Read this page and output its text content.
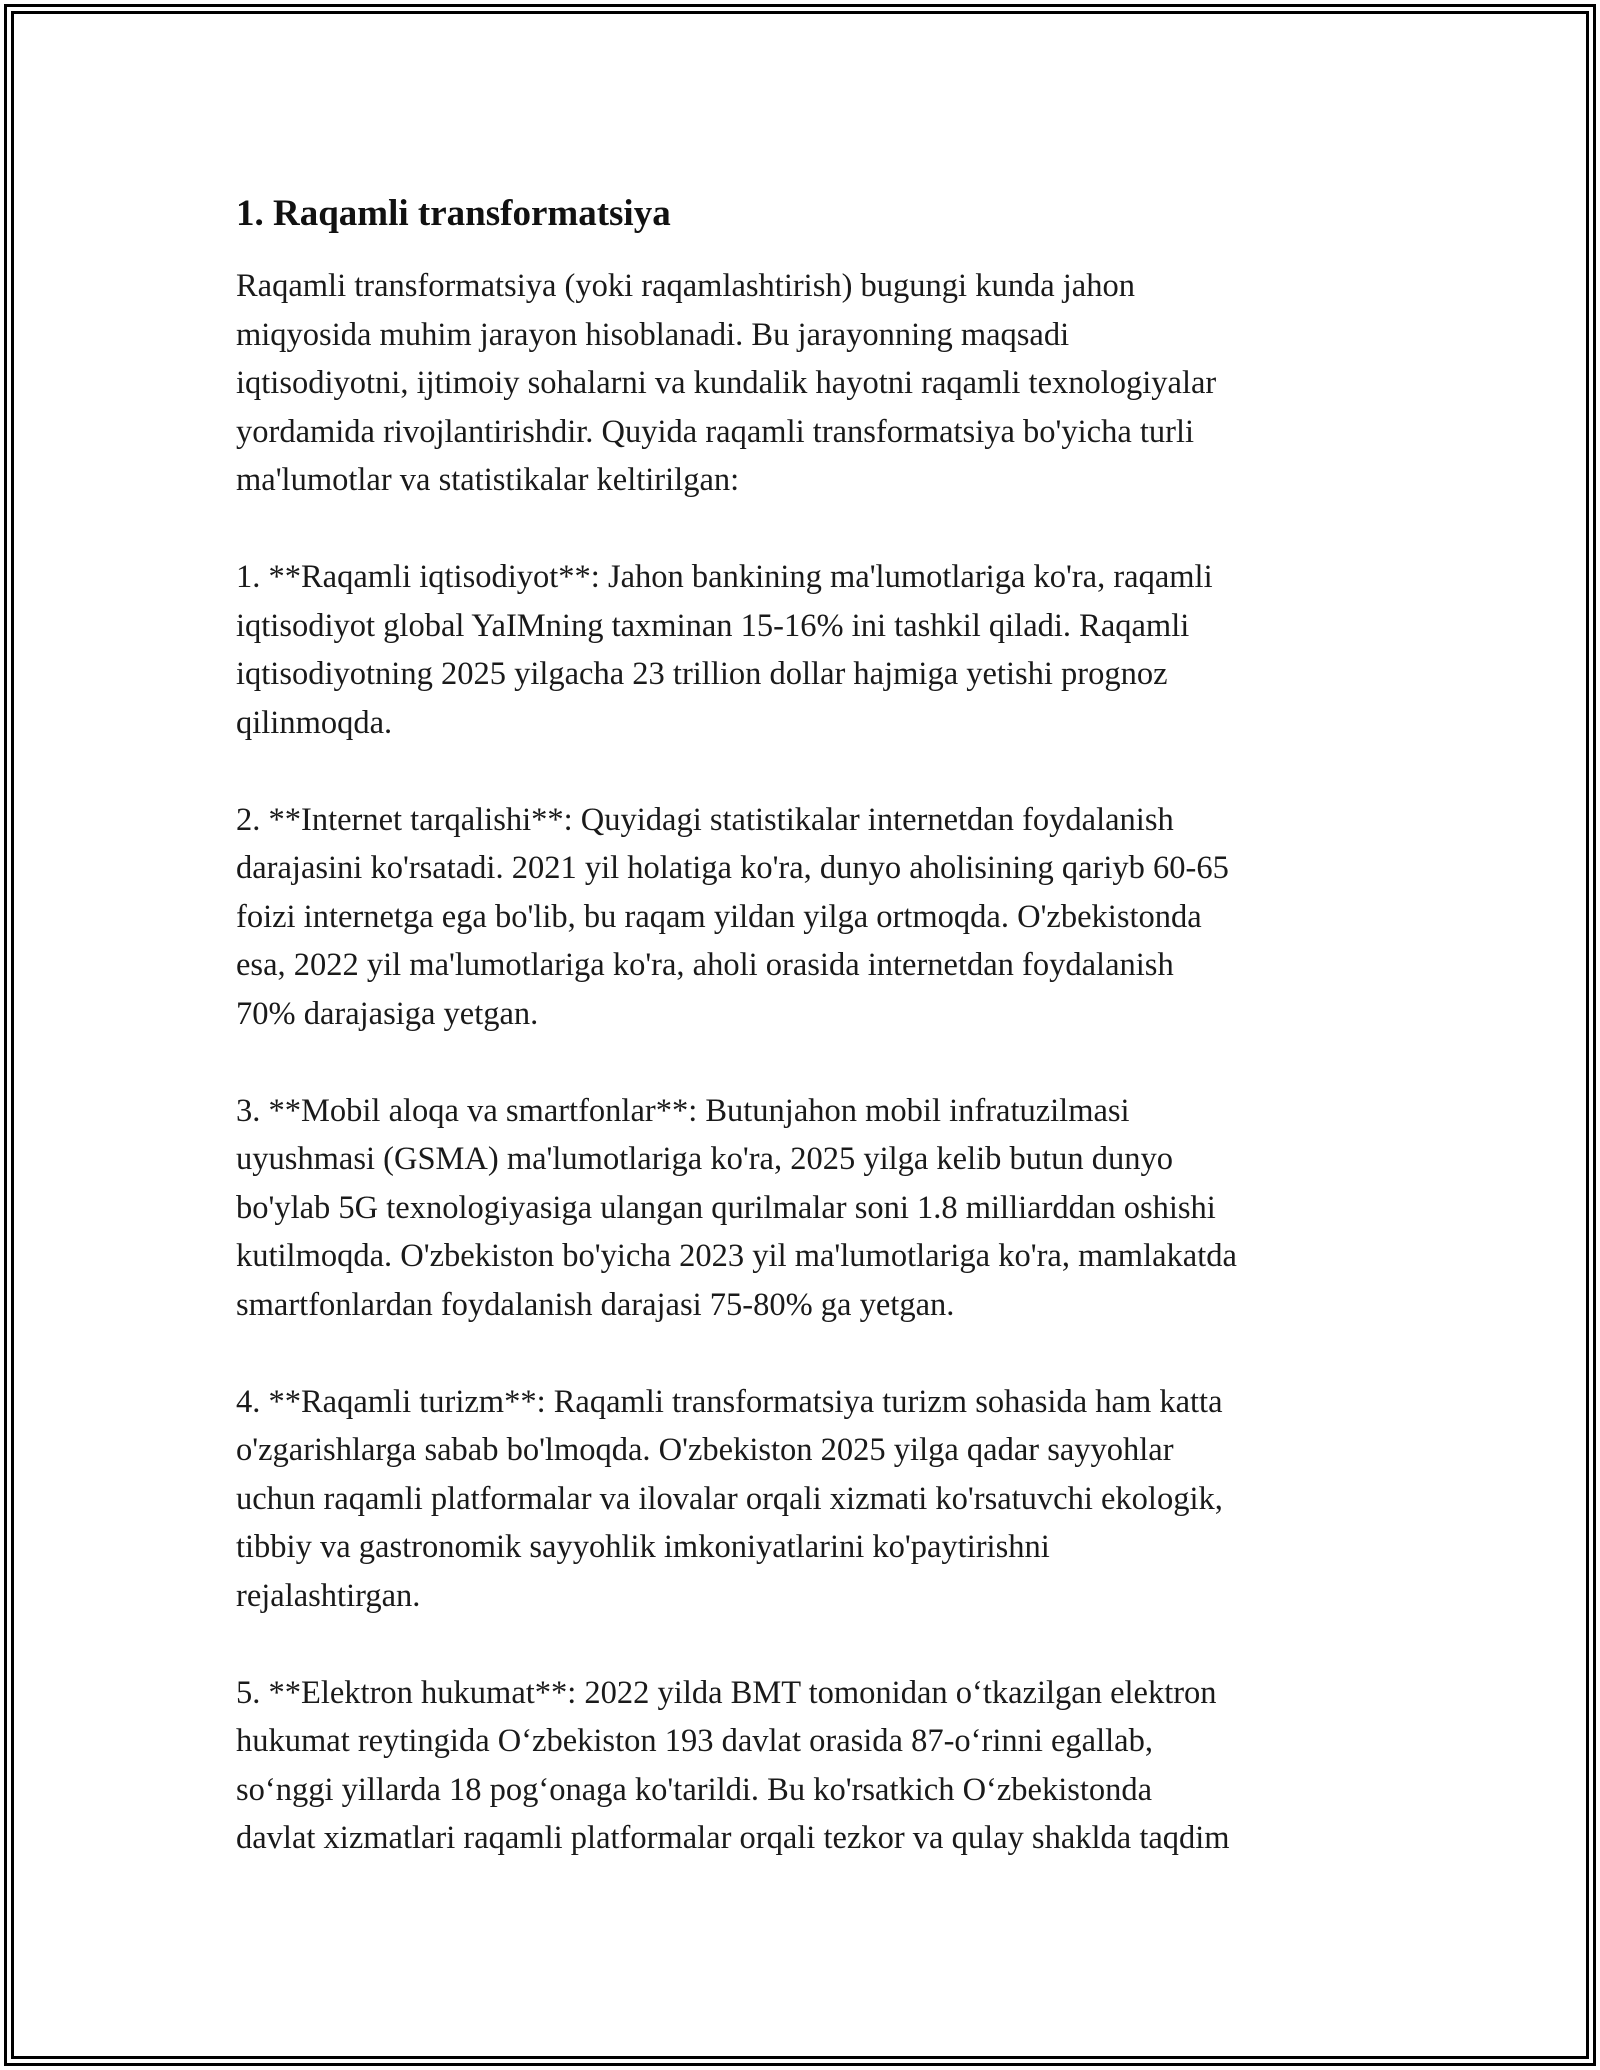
1. Raqamli transformatsiya

Raqamli transformatsiya (yoki raqamlashtirish) bugungi kunda jahon
miqyosida muhim jarayon hisoblanadi. Bu jarayonning maqsadi
iqtisodiyotni, ijtimoiy sohalarni va kundalik hayotni raqamli texnologiyalar
yordamida rivojlantirishdir. Quyida raqamli transformatsiya bo'yicha turli
ma'lumotlar va statistikalar keltirilgan:

1. **Raqamli iqtisodiyot**: Jahon bankining ma'lumotlariga ko'ra, raqamli
iqtisodiyot global YaIMning taxminan 15-16% ini tashkil qiladi. Raqamli
iqtisodiyotning 2025 yilgacha 23 trillion dollar hajmiga yetishi prognoz
qilinmoqda.

2. **Internet tarqalishi**: Quyidagi statistikalar internetdan foydalanish
darajasini ko'rsatadi. 2021 yil holatiga ko'ra, dunyo aholisining qariyb 60-65
foizi internetga ega bo'lib, bu raqam yildan yilga ortmoqda. O'zbekistonda
esa, 2022 yil ma'lumotlariga ko'ra, aholi orasida internetdan foydalanish
70% darajasiga yetgan.

3. **Mobil aloqa va smartfonlar**: Butunjahon mobil infratuzilmasi
uyushmasi (GSMA) ma'lumotlariga ko'ra, 2025 yilga kelib butun dunyo
bo'ylab 5G texnologiyasiga ulangan qurilmalar soni 1.8 milliarddan oshishi
kutilmoqda. O'zbekiston bo'yicha 2023 yil ma'lumotlariga ko'ra, mamlakatda
smartfonlardan foydalanish darajasi 75-80% ga yetgan.

4. **Raqamli turizm**: Raqamli transformatsiya turizm sohasida ham katta
o'zgarishlarga sabab bo'lmoqda. O'zbekiston 2025 yilga qadar sayyohlar
uchun raqamli platformalar va ilovalar orqali xizmati ko'rsatuvchi ekologik,
tibbiy va gastronomik sayyohlik imkoniyatlarini ko'paytirishni
rejalashtirgan.

5. **Elektron hukumat**: 2022 yilda BMT tomonidan o‘tkazilgan elektron
hukumat reytingida O‘zbekiston 193 davlat orasida 87-o‘rinni egallab,
so‘nggi yillarda 18 pog‘onaga ko'tarildi. Bu ko'rsatkich O‘zbekistonda
davlat xizmatlari raqamli platformalar orqali tezkor va qulay shaklda taqdim
